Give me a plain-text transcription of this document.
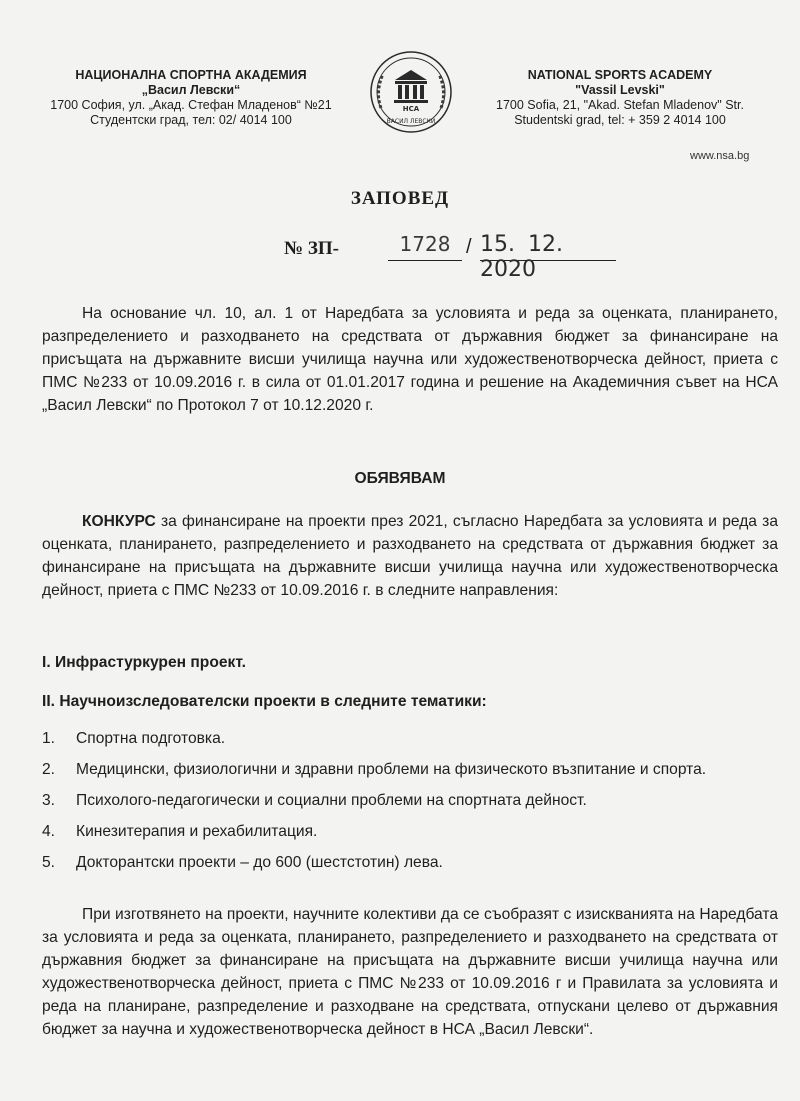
НАЦИОНАЛНА СПОРТНА АКАДЕМИЯ
„Васил Левски“
1700 София, ул. „Акад. Стефан Младенов“ №21
Студентски град, тел: 02/ 4014 100
НСА
ВАСИЛ ЛЕВСКИ
NATIONAL SPORTS ACADEMY
"Vassil Levski"
1700 Sofia, 21, "Akad. Stefan Mladenov" Str.
Studentski grad, tel: + 359 2 4014 100
www.nsa.bg
ЗАПОВЕД
№ ЗП-	1728 / 15. 12. 2020
На основание чл. 10, ал. 1 от Наредбата за условията и реда за оценката, планирането, разпределението и разходването на средствата от държавния бюджет за финансиране на присъщата на държавните висши училища научна или художественотворческа дейност, приета с ПМС №233 от 10.09.2016 г. в сила от 01.01.2017 година и решение на Академичния съвет на НСА „Васил Левски“ по Протокол 7 от 10.12.2020 г.
ОБЯВЯВАМ
КОНКУРС за финансиране на проекти през 2021, съгласно Наредбата за условията и реда за оценката, планирането, разпределението и разходването на средствата от държавния бюджет за финансиране на присъщата на държавните висши училища научна или художественотворческа дейност, приета с ПМС №233 от 10.09.2016 г. в следните направления:
I. Инфрастуркурен проект.
II. Научноизследователски проекти в следните тематики:
1.	Спортна подготовка.
2.	Медицински, физиологични и здравни проблеми на физическото възпитание и спорта.
3.	Психолого-педагогически и социални проблеми на спортната дейност.
4.	Кинезитерапия и рехабилитация.
5.	Докторантски проекти – до 600 (шестстотин) лева.
При изготвянето на проекти, научните колективи да се съобразят с изискванията на Наредбата за условията и реда за оценката, планирането, разпределението и разходването на средствата от държавния бюджет за финансиране на присъщата на държавните висши училища научна или художественотворческа дейност, приета с ПМС №233 от 10.09.2016 г и Правилата за условията и реда на планиране, разпределение и разходване на средствата, отпускани целево от държавния бюджет за научна и художественотворческа дейност в НСА „Васил Левски“.
